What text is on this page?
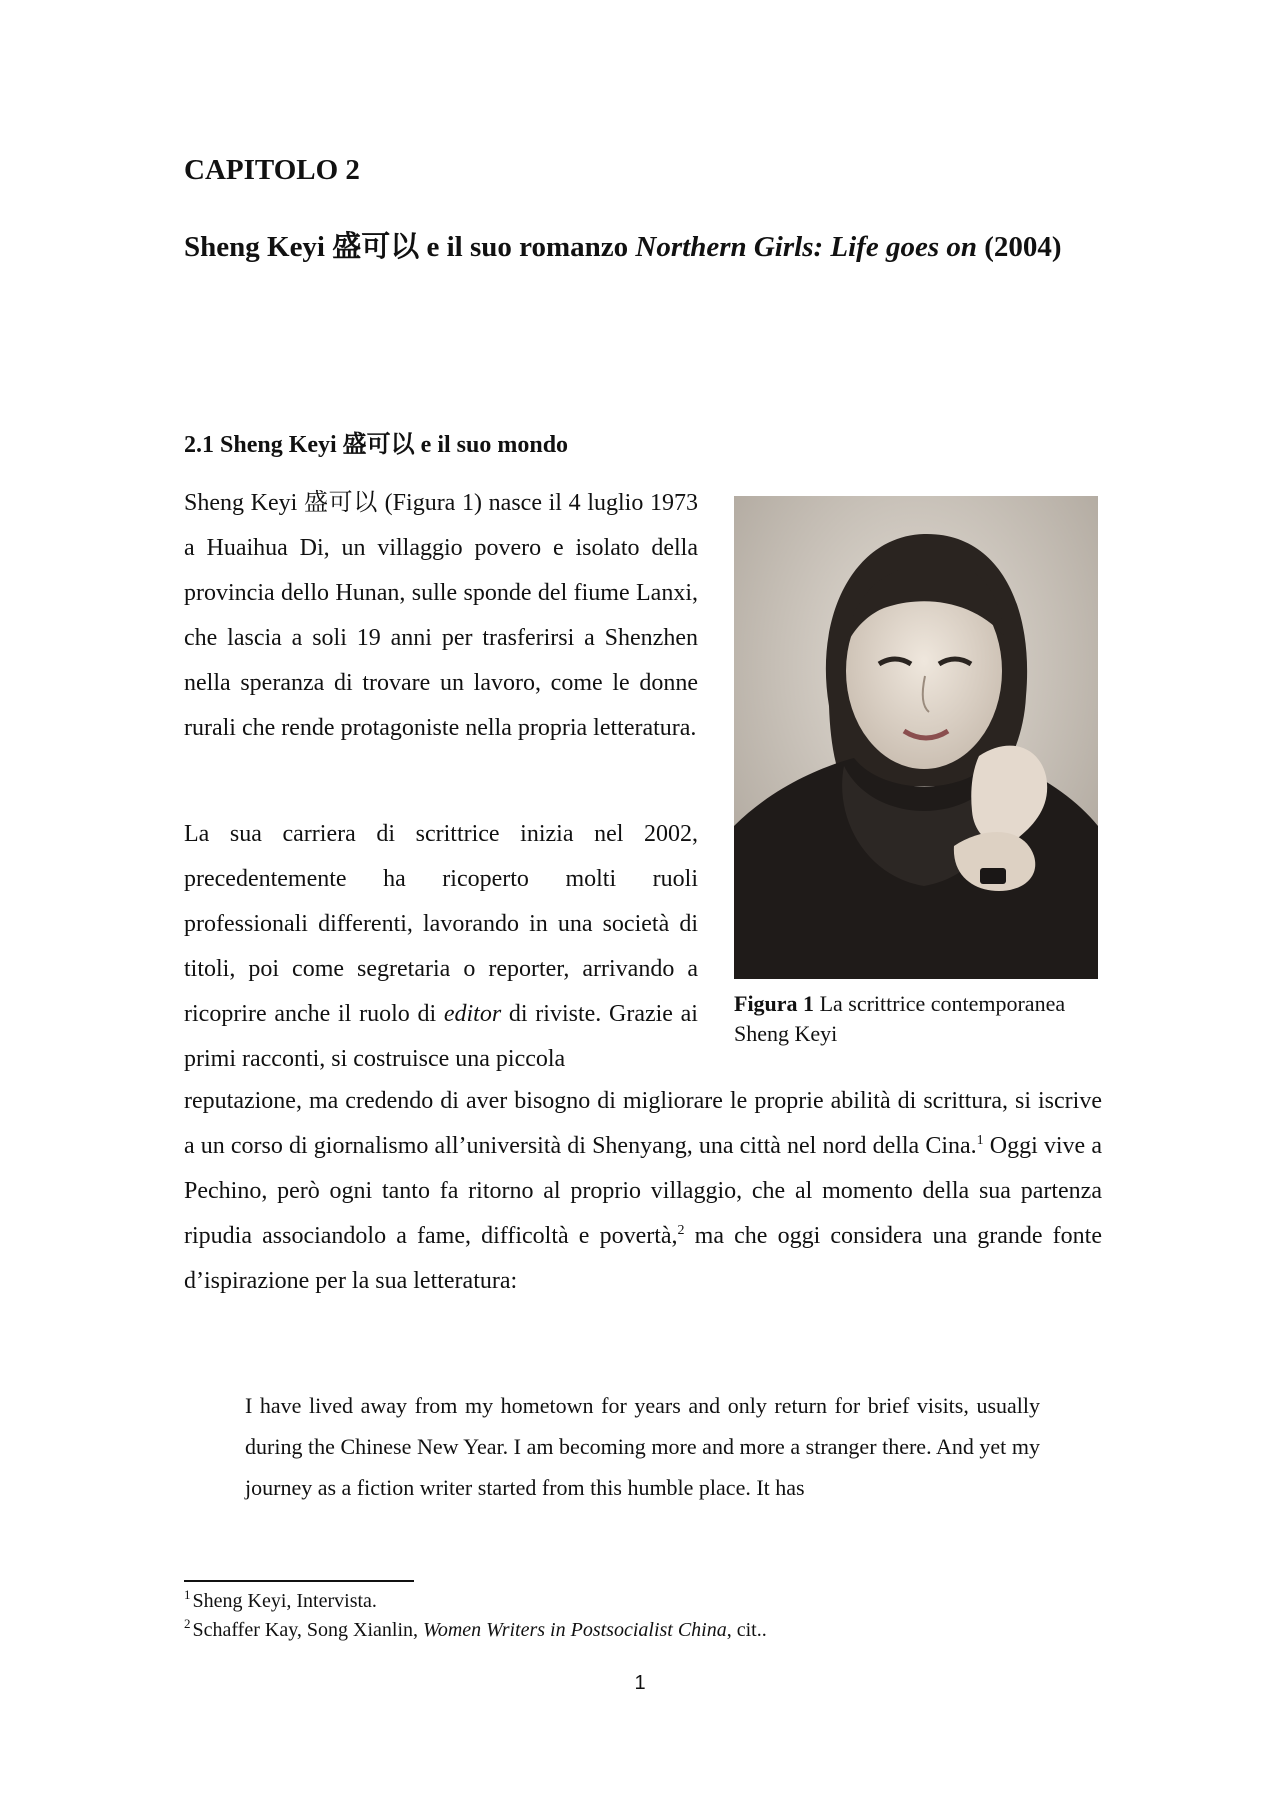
CAPITOLO 2
Sheng Keyi 盛可以 e il suo romanzo Northern Girls: Life goes on (2004)
2.1 Sheng Keyi 盛可以 e il suo mondo

Sheng Keyi 盛可以 (Figura 1) nasce il 4 luglio 1973 a Huaihua Di, un villaggio povero e isolato della provincia dello Hunan, sulle sponde del fiume Lanxi, che lascia a soli 19 anni per trasferirsi a Shenzhen nella speranza di trovare un lavoro, come le donne rurali che rende protagoniste nella propria letteratura.

La sua carriera di scrittrice inizia nel 2002, precedentemente ha ricoperto molti ruoli professionali differenti, lavorando in una società di titoli, poi come segretaria o reporter, arrivando a ricoprire anche il ruolo di editor di riviste. Grazie ai primi racconti, si costruisce una piccola

Figura 1 La scrittrice contemporanea Sheng Keyi

reputazione, ma credendo di aver bisogno di migliorare le proprie abilità di scrittura, si iscrive a un corso di giornalismo all’università di Shenyang, una città nel nord della Cina.$^1$ Oggi vive a Pechino, però ogni tanto fa ritorno al proprio villaggio, che al momento della sua partenza ripudia associandolo a fame, difficoltà e povertà,$^2$ ma che oggi considera una grande fonte d’ispirazione per la sua letteratura:

I have lived away from my hometown for years and only return for brief visits, usually during the Chinese New Year. I am becoming more and more a stranger there. And yet my journey as a fiction writer started from this humble place. It has

$^1$ Sheng Keyi, Intervista.
$^2$ Schaffer Kay, Song Xianlin, Women Writers in Postsocialist China, cit..
1
